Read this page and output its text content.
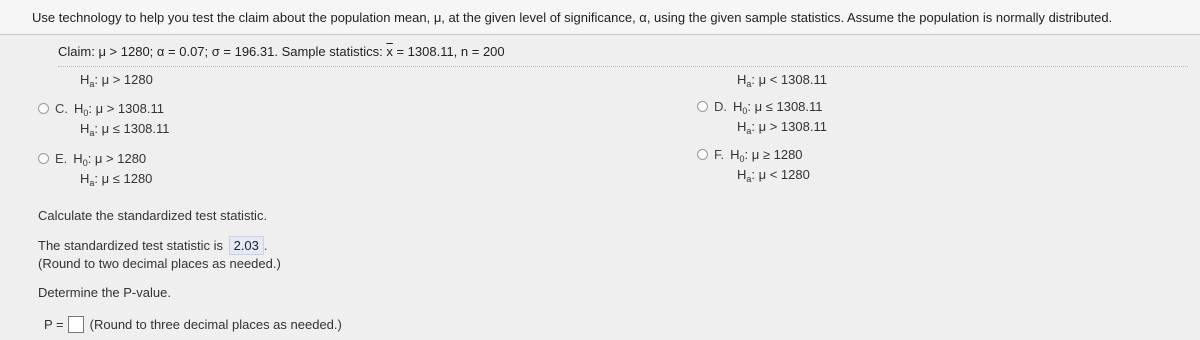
Use technology to help you test the claim about the population mean, μ, at the given level of significance, α, using the given sample statistics. Assume the population is normally distributed.
Claim: μ > 1280; α = 0.07; σ = 196.31. Sample statistics: $\overline{x} = 1308.11$, n = 200
$H_a$: μ > 1280	$H_a$: μ < 1308.11
C. $H_0$: μ > 1308.11
$H_a$: μ ≤ 1308.11
D. $H_0$: μ ≤ 1308.11
$H_a$: μ > 1308.11
E. $H_0$: μ > 1280
$H_a$: μ ≤ 1280
F. $H_0$: μ ≥ 1280
$H_a$: μ < 1280
Calculate the standardized test statistic.
The standardized test statistic is 2.03 .
(Round to two decimal places as needed.)
Determine the P-value.
P = (Round to three decimal places as needed.)
